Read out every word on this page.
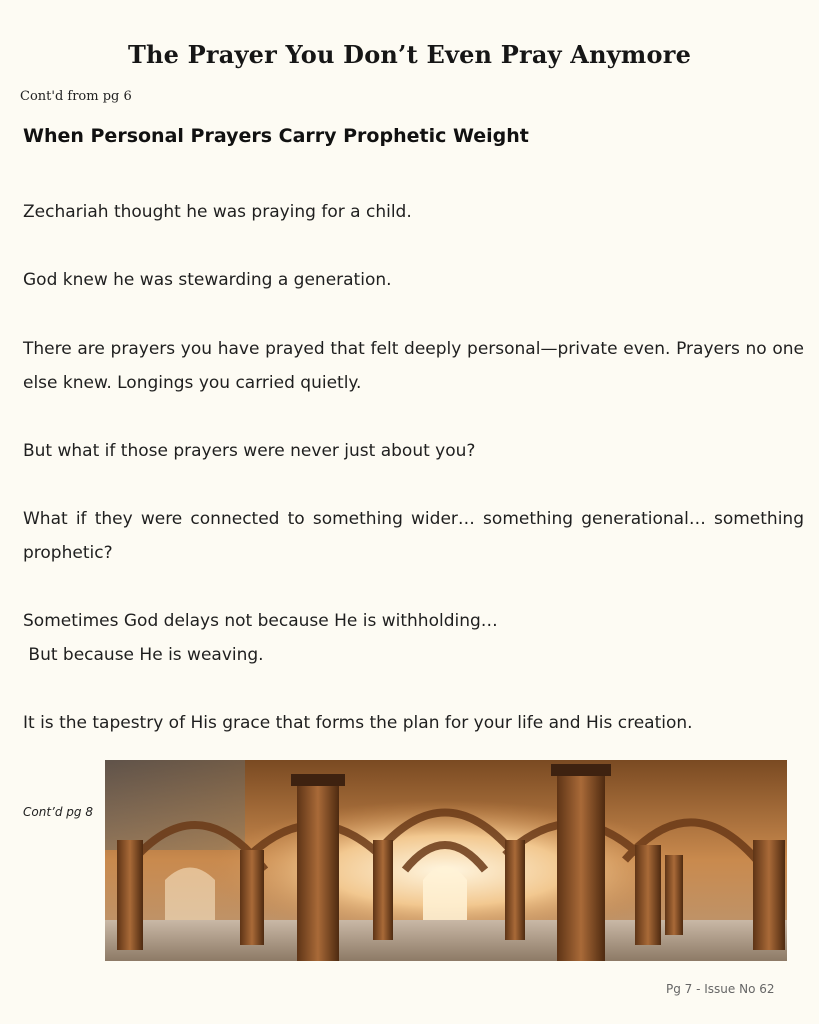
The Prayer You Don’t Even Pray Anymore
Cont'd from pg 6
When Personal Prayers Carry Prophetic Weight
Zechariah thought he was praying for a child.
God knew he was stewarding a generation.
There are prayers you have prayed that felt deeply personal—private even. Prayers no one else knew. Longings you carried quietly.
But what if those prayers were never just about you?
What if they were connected to something wider… something generational… something prophetic?
Sometimes God delays not because He is withholding…
But because He is weaving.
It is the tapestry of His grace that forms the plan for your life and His creation.
Cont’d pg 8
Pg 7 - Issue No 62
